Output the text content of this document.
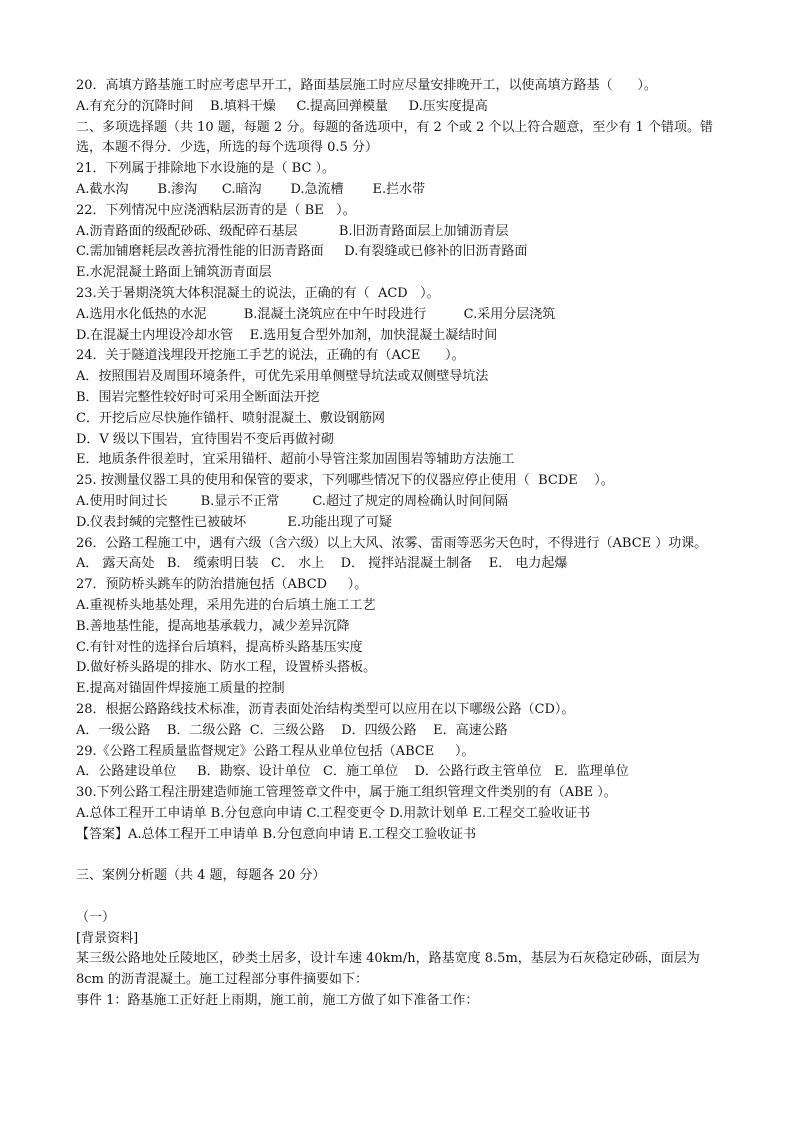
20．高填方路基施工时应考虑早开工，路面基层施工时应尽量安排晚开工，以使高填方路基（      ）。
A.有充分的沉降时间    B.填料干燥     C.提高回弹模量     D.压实度提高
二、多项选择题（共 10 题，每题 2 分。每题的备选项中，有 2 个或 2 个以上符合题意，至少有 1 个错项。错选，本题不得分．少选，所选的每个选项得 0.5 分）
21．下列属于排除地下水设施的是（ BC ）。
A.截水沟       B.渗沟      C.暗沟       D.急流槽       E.拦水带
22．下列情况中应浇洒粘层沥青的是（ BE   ）。
A.沥青路面的级配砂砾、级配碎石基层          B.旧沥青路面层上加铺沥青层
C.需加铺磨耗层改善抗滑性能的旧沥青路面     D.有裂缝或已修补的旧沥青路面
E.水泥混凝土路面上铺筑沥青面层
23.关于暑期浇筑大体积混凝土的说法，正确的有（  ACD   ）。
A.选用水化低热的水泥         B.混凝土浇筑应在中午时段进行         C.采用分层浇筑
D.在混凝土内埋设冷却水管    E.选用复合型外加剂，加快混凝土凝结时间
24．关于隧道浅埋段开挖施工手艺的说法，正确的有（ACE      ）。
A．按照围岩及周围环境条件，可优先采用单侧壁导坑法或双侧壁导坑法
B．围岩完整性较好时可采用全断面法开挖
C．开挖后应尽快施作锚杆、喷射混凝土、敷设钢筋网
D．V 级以下围岩，宜待围岩不变后再做衬砌
E．地质条件很差时，宜采用锚杆、超前小导管注浆加固围岩等辅助方法施工
25. 按测量仪器工具的使用和保管的要求，下列哪些情况下的仪器应停止使用（  BCDE    ）。
A.使用时间过长        B.显示不正常        C.超过了规定的周检确认时间间隔
D.仪表封缄的完整性已被破坏          E.功能出现了可疑
26．公路工程施工中，遇有六级（含六级）以上大风、浓雾、雷雨等恶劣天色时，不得进行（ABCE ）功课。
A． 露天高处   B． 缆索明日装   C． 水上    D． 搅拌站混凝土制备    E． 电力起爆
27．预防桥头跳车的防治措施包括（ABCD     ）。
A.重视桥头地基处理，采用先进的台后填土施工工艺
B.善地基性能，提高地基承载力，减少差异沉降
C.有针对性的选择台后填料，提高桥头路基压实度
D.做好桥头路堤的排水、防水工程，设置桥头搭板。
E.提高对锚固件焊接施工质量的控制
28．根据公路路线技术标准，沥青表面处治结构类型可以应用在以下哪级公路（CD）。
A．一级公路    B．二级公路  C．三级公路    D．四级公路    E．高速公路
29.《公路工程质量监督规定》公路工程从业单位包括（ABCE     ）。
A．公路建设单位     B．勘察、设计单位   C．施工单位    D．公路行政主管单位   E．监理单位
30.下列公路工程注册建造师施工管理签章文件中，属于施工组织管理文件类别的有（ABE ）。
A.总体工程开工申请单 B.分包意向申请 C.工程变更令 D.用款计划单 E.工程交工验收证书
【答案】A.总体工程开工申请单 B.分包意向申请 E.工程交工验收证书
三、案例分析题（共 4 题，每题各 20 分）
（一）
[背景资料]
某三级公路地处丘陵地区，砂类土居多，设计车速 40km/h，路基宽度 8.5m，基层为石灰稳定砂砾，面层为 8cm 的沥青混凝土。施工过程部分事件摘要如下：
事件 1：路基施工正好赶上雨期，施工前，施工方做了如下准备工作：
